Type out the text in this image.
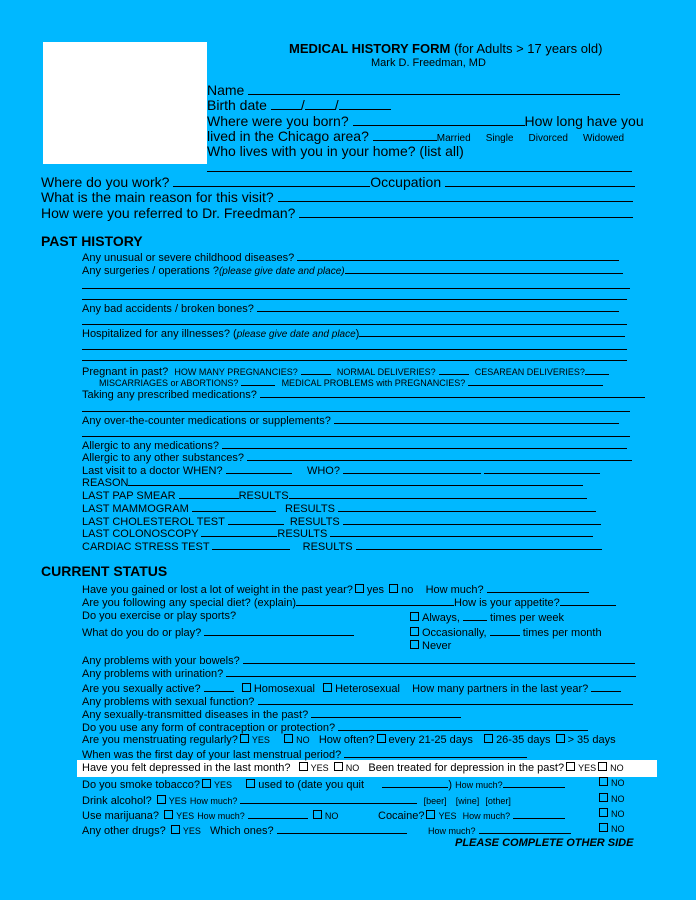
MEDICAL HISTORY FORM (for Adults > 17 years old)
Mark D. Freedman, MD
Name
Birth date / /
Where were you born?	How long have you
lived in the Chicago area?	Married Single Divorced Widowed
Who lives with you in your home? (list all)
Where do you work?	Occupation
What is the main reason for this visit?
How were you referred to Dr. Freedman?
PAST HISTORY
Any unusual or severe childhood diseases?
Any surgeries / operations ?(please give date and place)
Any bad accidents / broken bones?
Hospitalized for any illnesses? (please give date and place)
Pregnant in past? HOW MANY PREGNANCIES?	NORMAL DELIVERIES?	CESAREAN DELIVERIES?
MISCARRIAGES or ABORTIONS?	MEDICAL PROBLEMS with PREGNANCIES?
Taking any prescribed medications?
Any over-the-counter medications or supplements?
Allergic to any medications?
Allergic to any other substances?
Last visit to a doctor WHEN?	WHO?
REASON
LAST PAP SMEAR	RESULTS
LAST MAMMOGRAM	RESULTS
LAST CHOLESTEROL TEST	RESULTS
LAST COLONOSCOPY	RESULTS
CARDIAC STRESS TEST	RESULTS
CURRENT STATUS
Have you gained or lost a lot of weight in the past year? yes no How much?
Are you following any special diet? (explain)	How is your appetite?
Do you exercise or play sports?	Always,	times per week
What do you do or play?	Occasionally,	times per month
Never
Any problems with your bowels?
Any problems with urination?
Are you sexually active?	Homosexual Heterosexual How many partners in the last year?
Any problems with sexual function?
Any sexually-transmitted diseases in the past?
Do you use any form of contraception or protection?
Are you menstruating regularly? YES	NO How often? every 21-25 days 26-35 days > 35 days
When was the first day of your last menstrual period?
Have you felt depressed in the last month? YES NO Been treated for depression in the past? YES NO
Do you smoke tobacco? YES used to (date you quit	) How much?	NO
Drink alcohol? YES How much?	[beer] [wine] [other]	NO
Use marijuana? YES How much?	NO	Cocaine? YES How much?	NO
Any other drugs? YES Which ones?	How much?	NO
PLEASE COMPLETE OTHER SIDE
